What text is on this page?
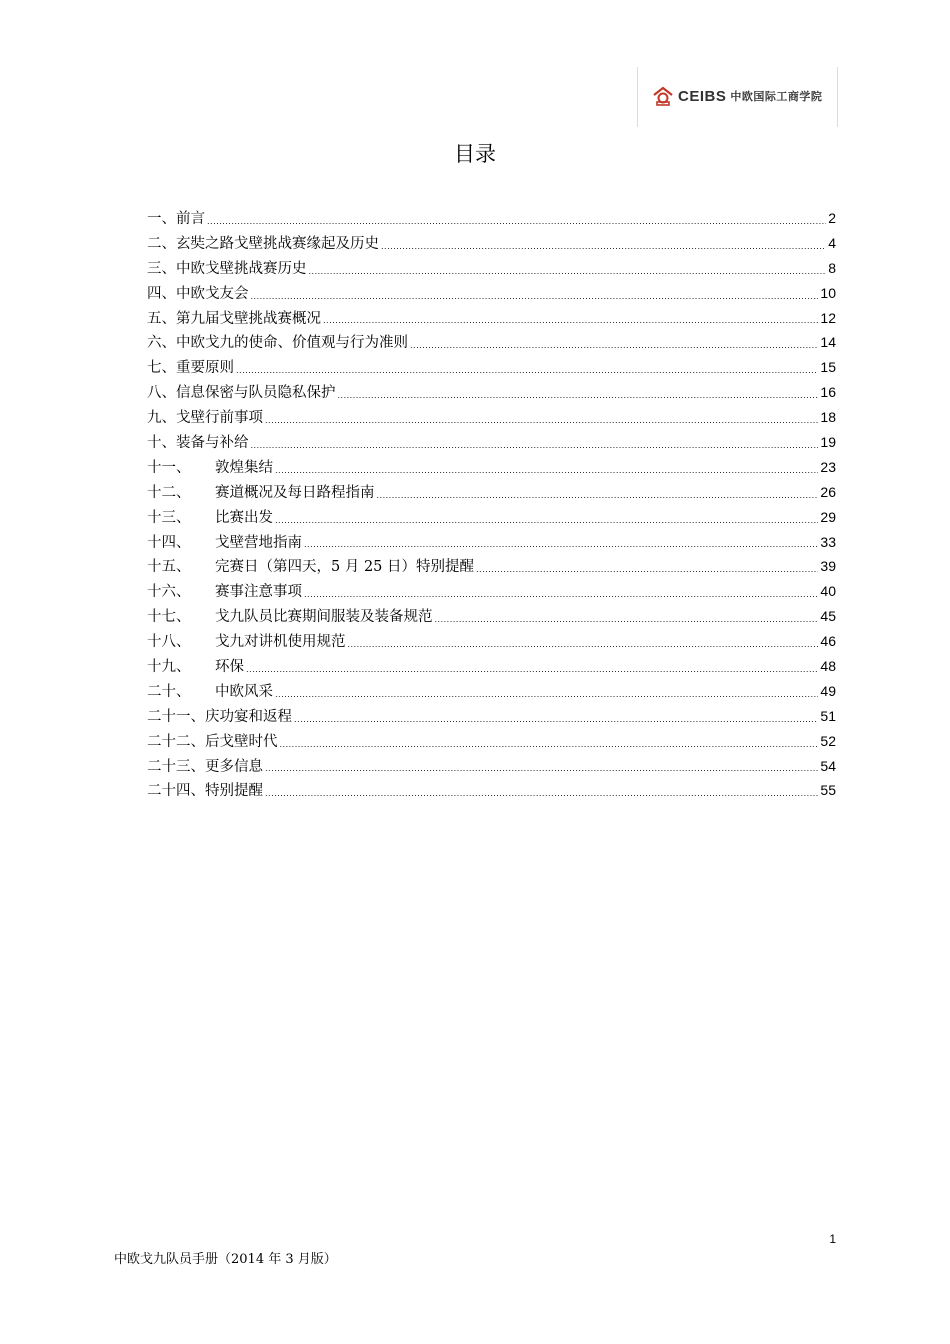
CEIBS 中欧国际工商学院
目录
一、 前言 .....	2
二、 玄奘之路戈壁挑战赛缘起及历史 .....	4
三、 中欧戈壁挑战赛历史 .....	8
四、 中欧戈友会 .....	10
五、 第九届戈壁挑战赛概况 .....	12
六、 中欧戈九的使命、价值观与行为准则 .....	14
七、 重要原则 .....	15
八、 信息保密与队员隐私保护 .....	16
九、 戈壁行前事项 .....	18
十、 装备与补给 .....	19
十一、	敦煌集结 .....	23
十二、	赛道概况及每日路程指南 .....	26
十三、	比赛出发 .....	29
十四、	戈壁营地指南 .....	33
十五、	完赛日（第四天，5 月 25 日）特别提醒 .....	39
十六、	赛事注意事项 .....	40
十七、	戈九队员比赛期间服装及装备规范 .....	45
十八、	戈九对讲机使用规范 .....	46
十九、	环保 .....	48
二十、	中欧风采 .....	49
二十一、 庆功宴和返程 .....	51
二十二、 后戈壁时代 .....	52
二十三、 更多信息 .....	54
二十四、 特别提醒 .....	55
1
中欧戈九队员手册（2014 年 3 月版）
